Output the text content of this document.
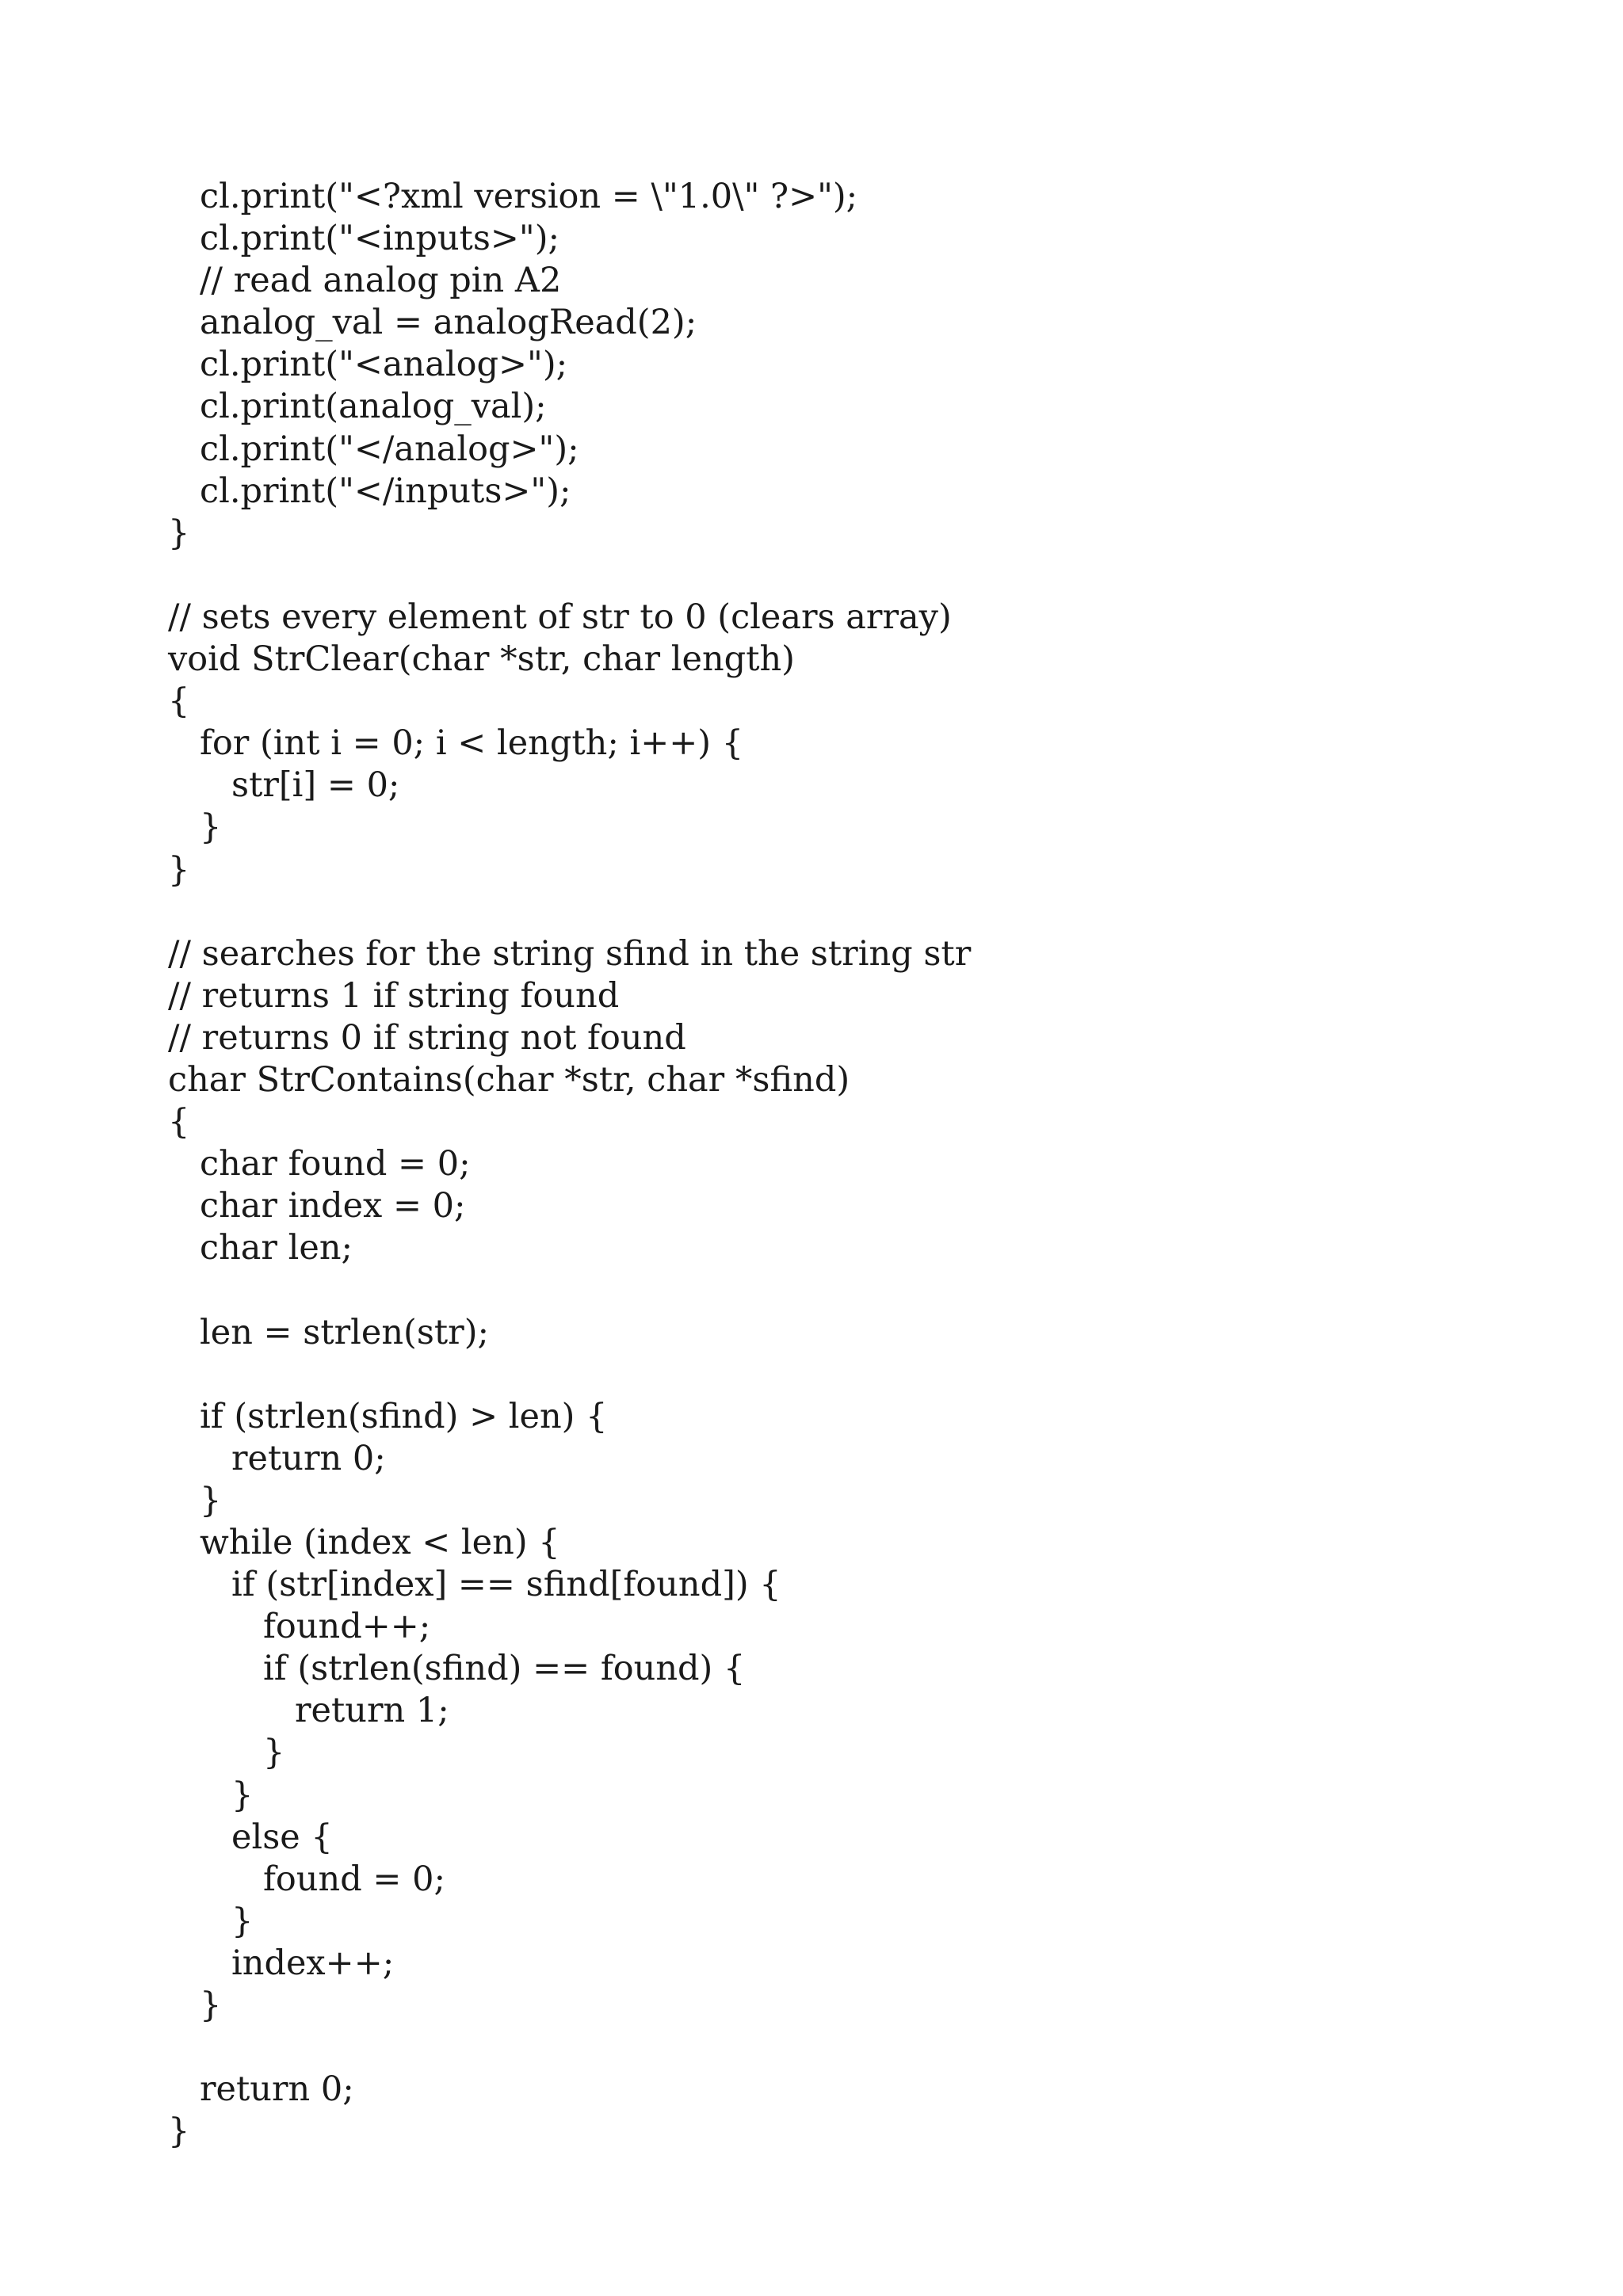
cl.print("<?xml version = \"1.0\" ?>");
cl.print("<inputs>");
// read analog pin A2
analog_val = analogRead(2);
cl.print("<analog>");
cl.print(analog_val);
cl.print("</analog>");
cl.print("</inputs>");
}
// sets every element of str to 0 (clears array)
void StrClear(char *str, char length)
{
for (int i = 0; i < length; i++) {
str[i] = 0;
}
}
// searches for the string sfind in the string str
// returns 1 if string found
// returns 0 if string not found
char StrContains(char *str, char *sfind)
{
char found = 0;
char index = 0;
char len;
len = strlen(str);
if (strlen(sfind) > len) {
return 0;
}
while (index < len) {
if (str[index] == sfind[found]) {
found++;
if (strlen(sfind) == found) {
return 1;
}
}
else {
found = 0;
}
index++;
}
return 0;
}
